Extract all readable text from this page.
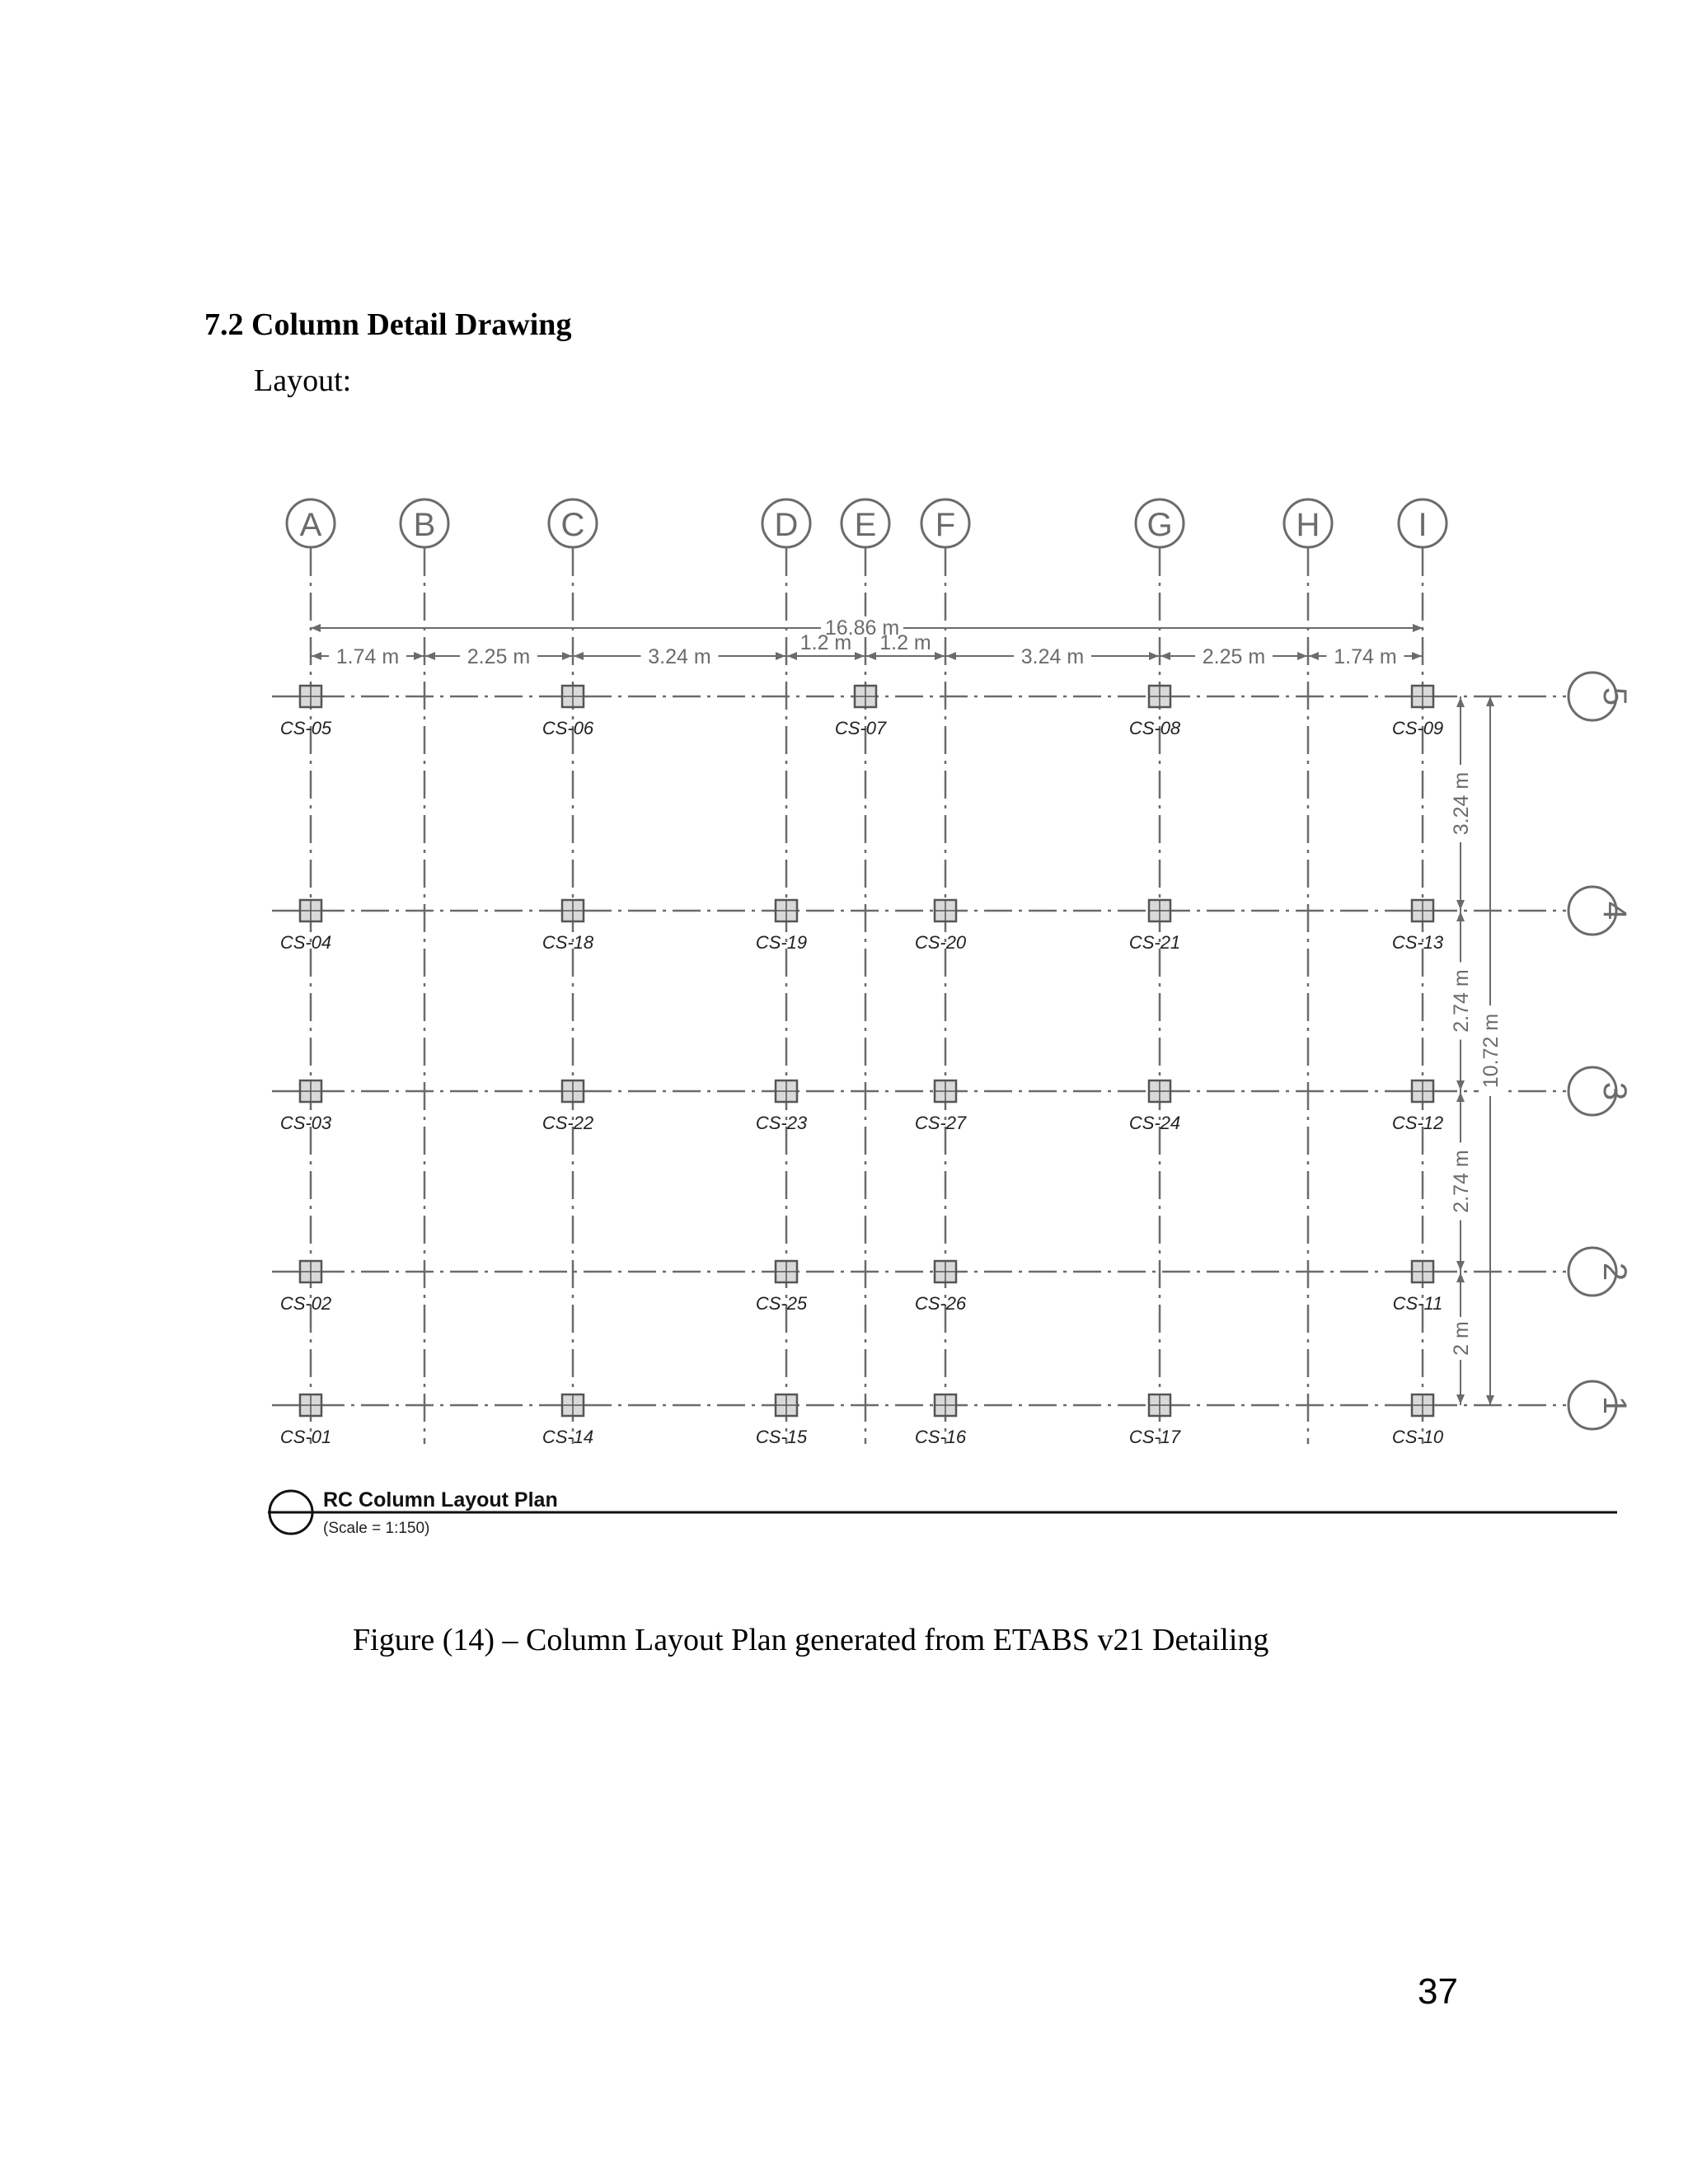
7.2 Column Detail Drawing
Layout:
A	B	C	D E F	G	H	I
5
4
3
2
1
16.86 m
1.74 m	2.25 m	3.24 m
1.2 m 1.2 m
3.24 m	2.25 m	1.74 m
3.24 m
2.74 m
2.74 m
2 m
10.72 m
CS-05	CS-06	CS-07	CS-08	CS-09
CS-04	CS-18	CS-19	CS-20	CS-21	CS-13
CS-03	CS-22	CS-23	CS-27	CS-24	CS-12
CS-02	CS-25	CS-26	CS-11
CS-01	CS-14	CS-15	CS-16	CS-17	CS-10
RC Column Layout Plan
(Scale = 1:150)
Figure (14) – Column Layout Plan generated from ETABS v21 Detailing
37
